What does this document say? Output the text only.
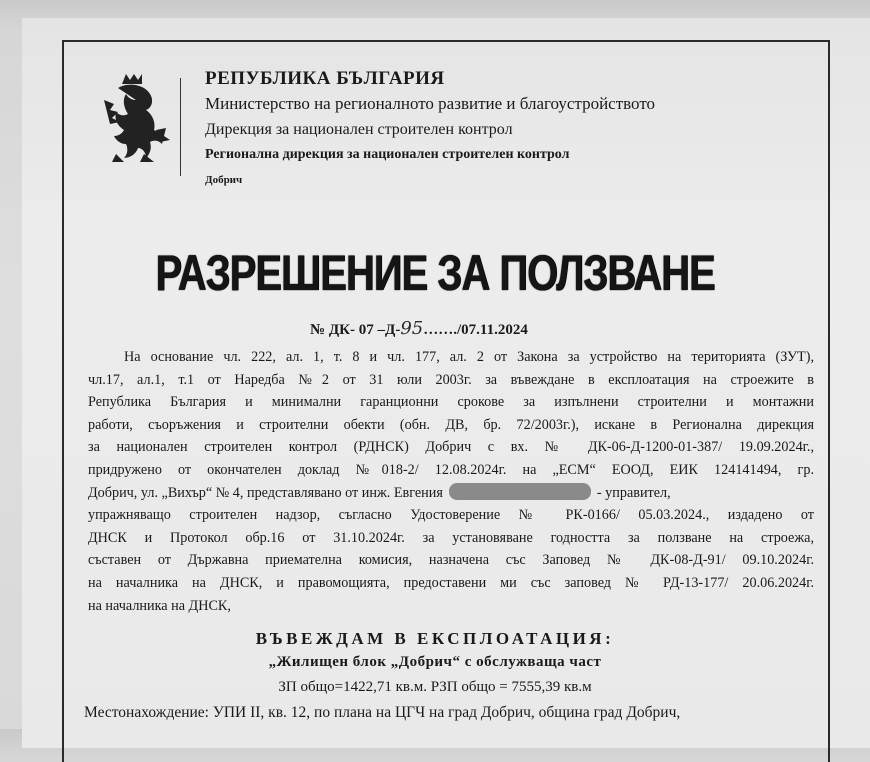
РЕПУБЛИКА БЪЛГАРИЯ
Министерство на регионалното развитие и благоустройството
Дирекция за национален строителен контрол
Регионална дирекция за национален строителен контрол
Добрич
РАЗРЕШЕНИЕ ЗА ПОЛЗВАНЕ
№ ДК- 07 –Д-95……./07.11.2024
На основание чл. 222, ал. 1, т. 8 и чл. 177, ал. 2 от Закона за устройство на територията (ЗУТ),
чл.17, ал.1, т.1 от Наредба №2 от 31 юли 2003г. за въвеждане в експлоатация на строежите в
Република България и минимални гаранционни срокове за изпълнени строителни и монтажни
работи, съоръжения и строителни обекти (обн. ДВ, бр. 72/2003г.), искане в Регионална дирекция
за национален строителен контрол (РДНСК) Добрич с вх. № ДК-06-Д-1200-01-387/ 19.09.2024г.,
придружено от окончателен доклад №018-2/ 12.08.2024г. на „ЕСМ“ ЕООД, ЕИК 124141494, гр.
Добрич, ул. „Вихър“ № 4, представлявано от инж. Евгения	- управител,
упражняващо строителен надзор, съгласно Удостоверение № РК-0166/ 05.03.2024., издадено от
ДНСК и Протокол обр.16 от 31.10.2024г. за установяване годността за ползване на строежа,
съставен от Държавна приемателна комисия, назначена със Заповед № ДК-08-Д-91/ 09.10.2024г.
на началника на ДНСК, и правомощията, предоставени ми със заповед № РД-13-177/ 20.06.2024г.
на началника на ДНСК,
ВЪВЕЖДАМ В ЕКСПЛОАТАЦИЯ:
„Жилищен блок „Добрич“ с обслужваща част
ЗП общо=1422,71 кв.м. РЗП общо = 7555,39 кв.м
Местонахождение: УПИ II, кв. 12, по плана на ЦГЧ на град Добрич, община град Добрич,
